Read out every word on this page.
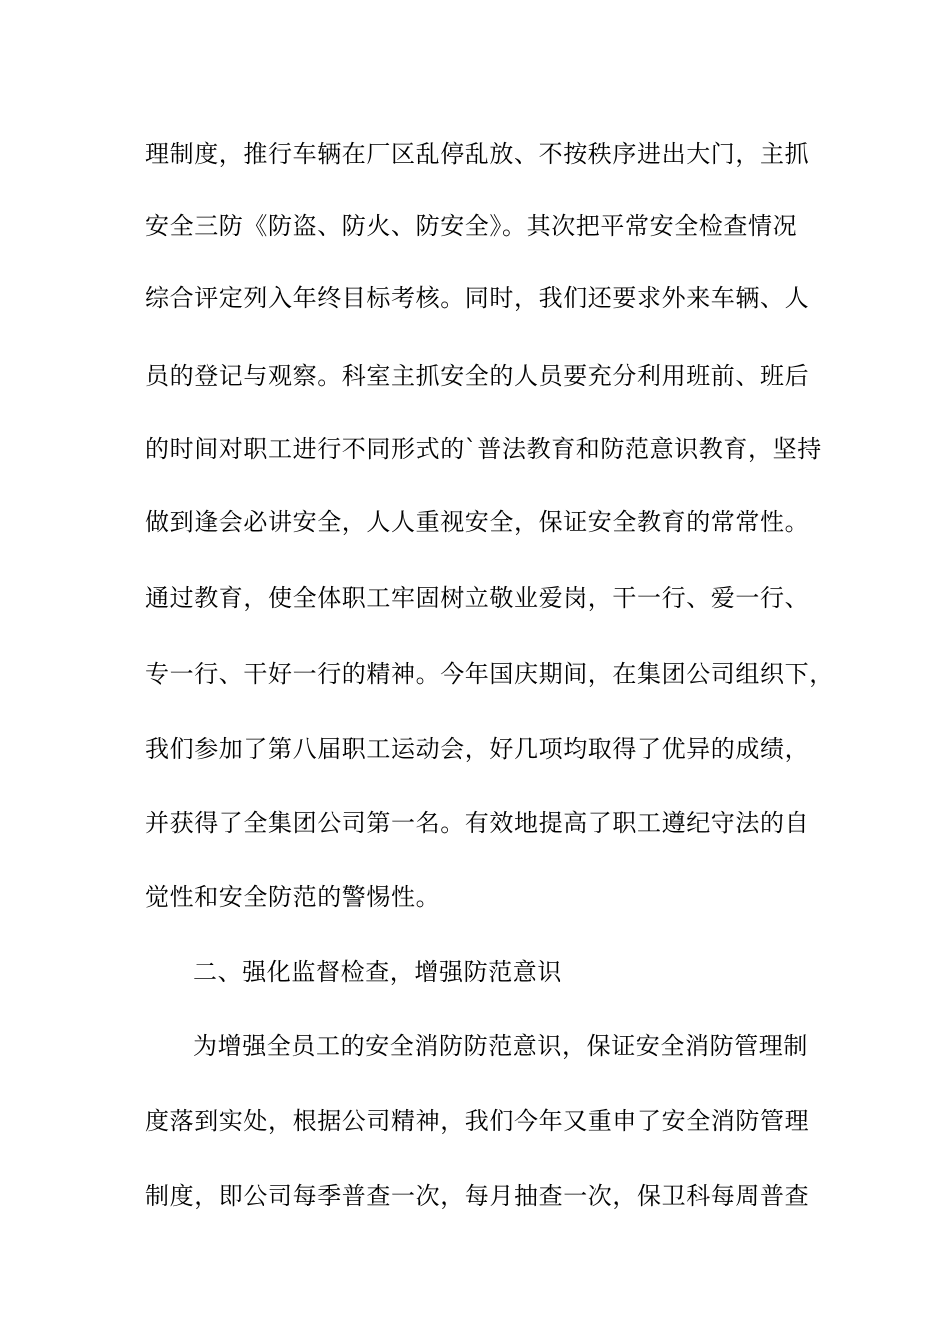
理制度，推行车辆在厂区乱停乱放、不按秩序进出大门，主抓
安全三防《防盗、防火、防安全》。其次把平常安全检查情况
综合评定列入年终目标考核。同时，我们还要求外来车辆、人
员的登记与观察。科室主抓安全的人员要充分利用班前、班后
的时间对职工进行不同形式的`普法教育和防范意识教育，坚持
做到逢会必讲安全，人人重视安全，保证安全教育的常常性。
通过教育，使全体职工牢固树立敬业爱岗，干一行、爱一行、
专一行、干好一行的精神。今年国庆期间，在集团公司组织下，
我们参加了第八届职工运动会，好几项均取得了优异的成绩，
并获得了全集团公司第一名。有效地提高了职工遵纪守法的自
觉性和安全防范的警惕性。
二、强化监督检查，增强防范意识
为增强全员工的安全消防防范意识，保证安全消防管理制
度落到实处，根据公司精神，我们今年又重申了安全消防管理
制度，即公司每季普查一次，每月抽查一次，保卫科每周普查
